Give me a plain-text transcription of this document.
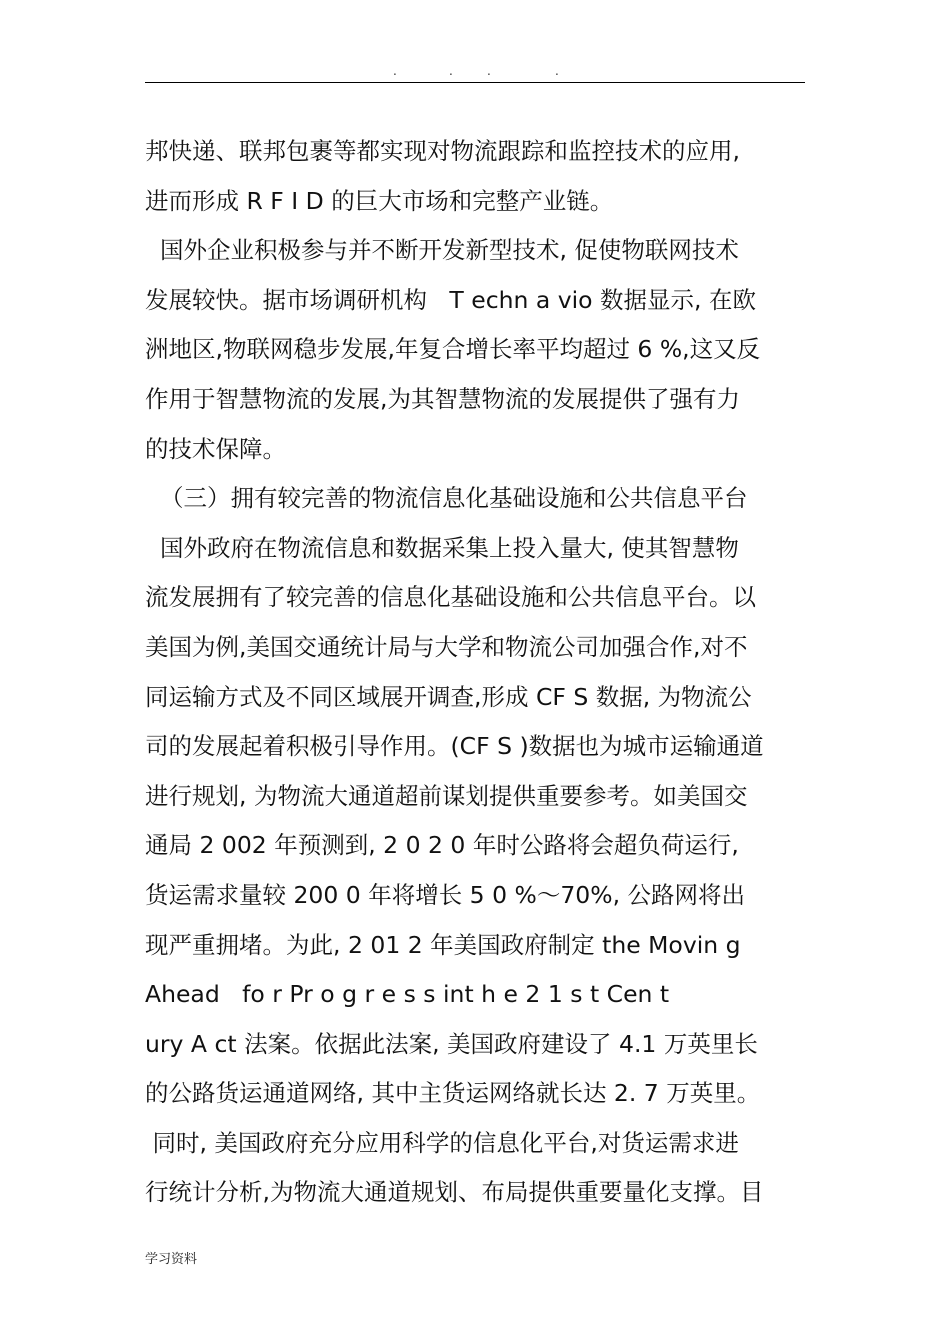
.	.	.	.
邦快递、联邦包裹等都实现对物流跟踪和监控技术的应用,
进而形成 R F I D 的巨大市场和完整产业链。
国外企业积极参与并不断开发新型技术, 促使物联网技术
发展较快。据市场调研机构   T echn a vio 数据显示, 在欧
洲地区,物联网稳步发展,年复合增长率平均超过 6 %,这又反
作用于智慧物流的发展,为其智慧物流的发展提供了强有力
的技术保障。
（三）拥有较完善的物流信息化基础设施和公共信息平台
国外政府在物流信息和数据采集上投入量大, 使其智慧物
流发展拥有了较完善的信息化基础设施和公共信息平台。以
美国为例,美国交通统计局与大学和物流公司加强合作,对不
同运输方式及不同区域展开调查,形成 CF S 数据, 为物流公
司的发展起着积极引导作用。(CF S )数据也为城市运输通道
进行规划, 为物流大通道超前谋划提供重要参考。如美国交
通局 2 002 年预测到, 2 0 2 0 年时公路将会超负荷运行,
货运需求量较 200 0 年将增长 5 0 %～70%, 公路网将出
现严重拥堵。为此, 2 01 2 年美国政府制定 the Movin g
Ahead   fo r Pr o g r e s s int h e 2 1 s t Cen t
ury A ct 法案。依据此法案, 美国政府建设了 4.1 万英里长
的公路货运通道网络, 其中主货运网络就长达 2. 7 万英里。
同时, 美国政府充分应用科学的信息化平台,对货运需求进
行统计分析,为物流大通道规划、布局提供重要量化支撑。目
学习资料
